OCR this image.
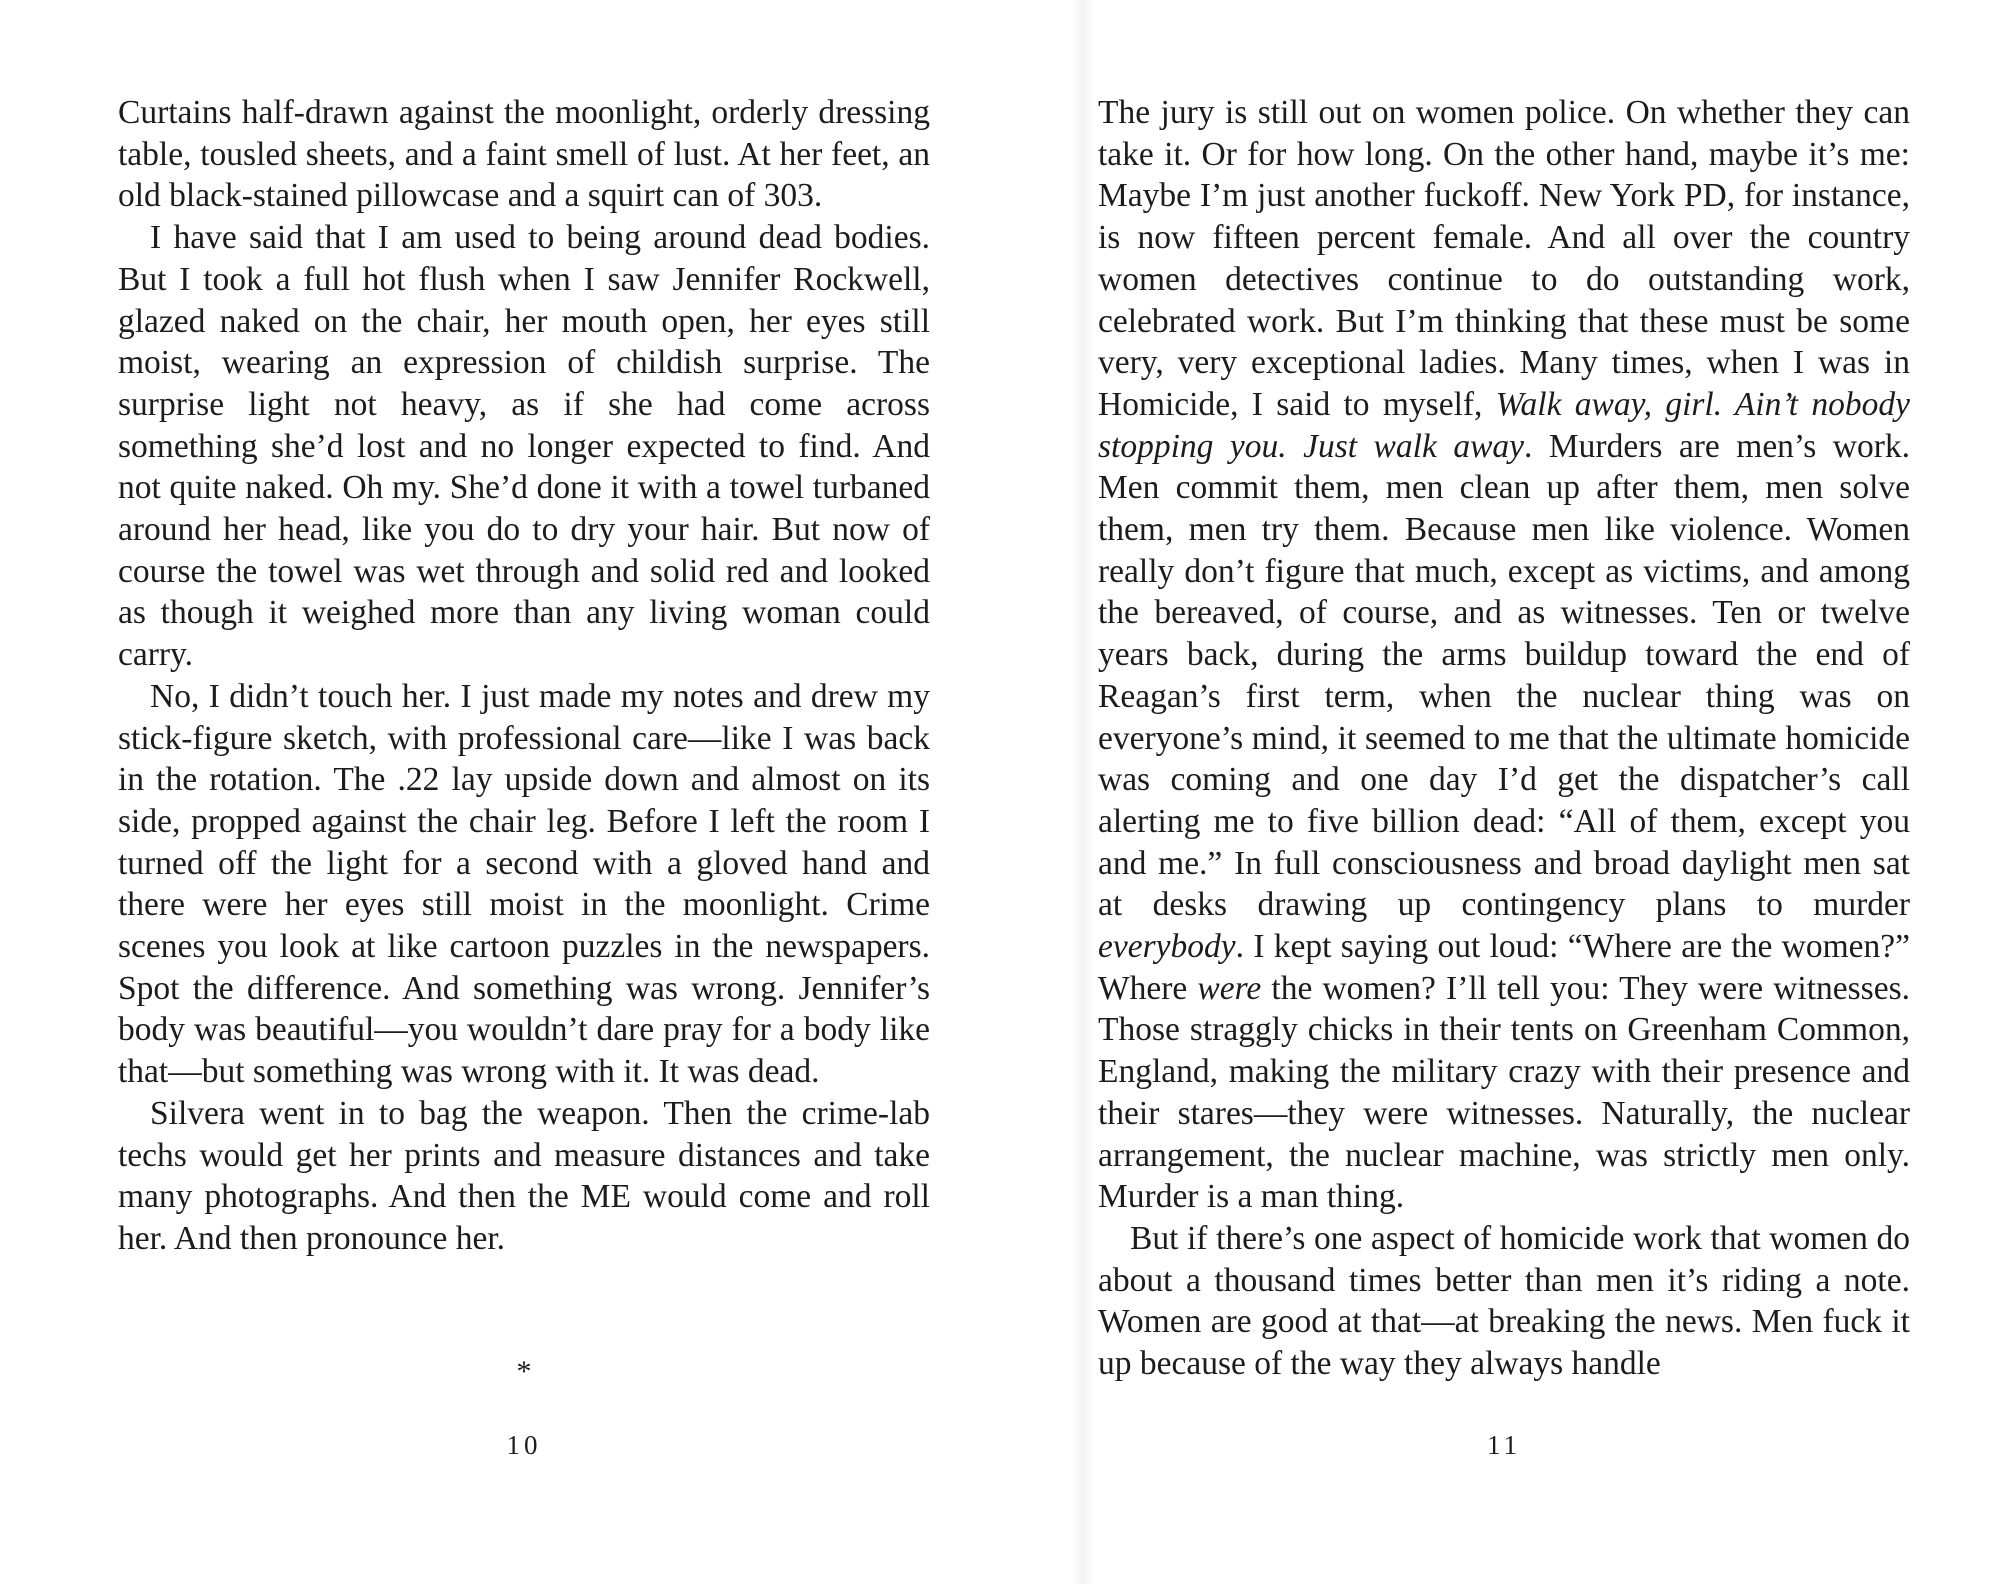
Curtains half-drawn against the moonlight, orderly dressing table, tousled sheets, and a faint smell of lust. At her feet, an old black-stained pillowcase and a squirt can of 303.

I have said that I am used to being around dead bodies. But I took a full hot flush when I saw Jennifer Rockwell, glazed naked on the chair, her mouth open, her eyes still moist, wearing an expression of childish surprise. The surprise light not heavy, as if she had come across something she’d lost and no longer expected to find. And not quite naked. Oh my. She’d done it with a towel turbaned around her head, like you do to dry your hair. But now of course the towel was wet through and solid red and looked as though it weighed more than any living woman could carry.

No, I didn’t touch her. I just made my notes and drew my stick-figure sketch, with professional care—like I was back in the rotation. The .22 lay upside down and almost on its side, propped against the chair leg. Before I left the room I turned off the light for a second with a gloved hand and there were her eyes still moist in the moonlight. Crime scenes you look at like cartoon puzzles in the newspapers. Spot the difference. And something was wrong. Jennifer’s body was beautiful—you wouldn’t dare pray for a body like that—but something was wrong with it. It was dead.

Silvera went in to bag the weapon. Then the crime-lab techs would get her prints and measure distances and take many photographs. And then the ME would come and roll her. And then pronounce her.

*
10

The jury is still out on women police. On whether they can take it. Or for how long. On the other hand, maybe it’s me: Maybe I’m just another fuckoff. New York PD, for instance, is now fifteen percent female. And all over the country women detectives continue to do outstanding work, celebrated work. But I’m thinking that these must be some very, very exceptional ladies. Many times, when I was in Homicide, I said to myself, Walk away, girl. Ain’t nobody stopping you. Just walk away. Murders are men’s work. Men commit them, men clean up after them, men solve them, men try them. Because men like violence. Women really don’t figure that much, except as victims, and among the bereaved, of course, and as witnesses. Ten or twelve years back, during the arms buildup toward the end of Reagan’s first term, when the nuclear thing was on everyone’s mind, it seemed to me that the ultimate homicide was coming and one day I’d get the dispatcher’s call alerting me to five billion dead: “All of them, except you and me.” In full consciousness and broad daylight men sat at desks drawing up contingency plans to murder everybody. I kept saying out loud: “Where are the women?” Where were the women? I’ll tell you: They were witnesses. Those straggly chicks in their tents on Greenham Common, England, making the military crazy with their presence and their stares—they were witnesses. Naturally, the nuclear arrangement, the nuclear machine, was strictly men only. Murder is a man thing.

But if there’s one aspect of homicide work that women do about a thousand times better than men it’s riding a note. Women are good at that—at breaking the news. Men fuck it up because of the way they always handle

11
